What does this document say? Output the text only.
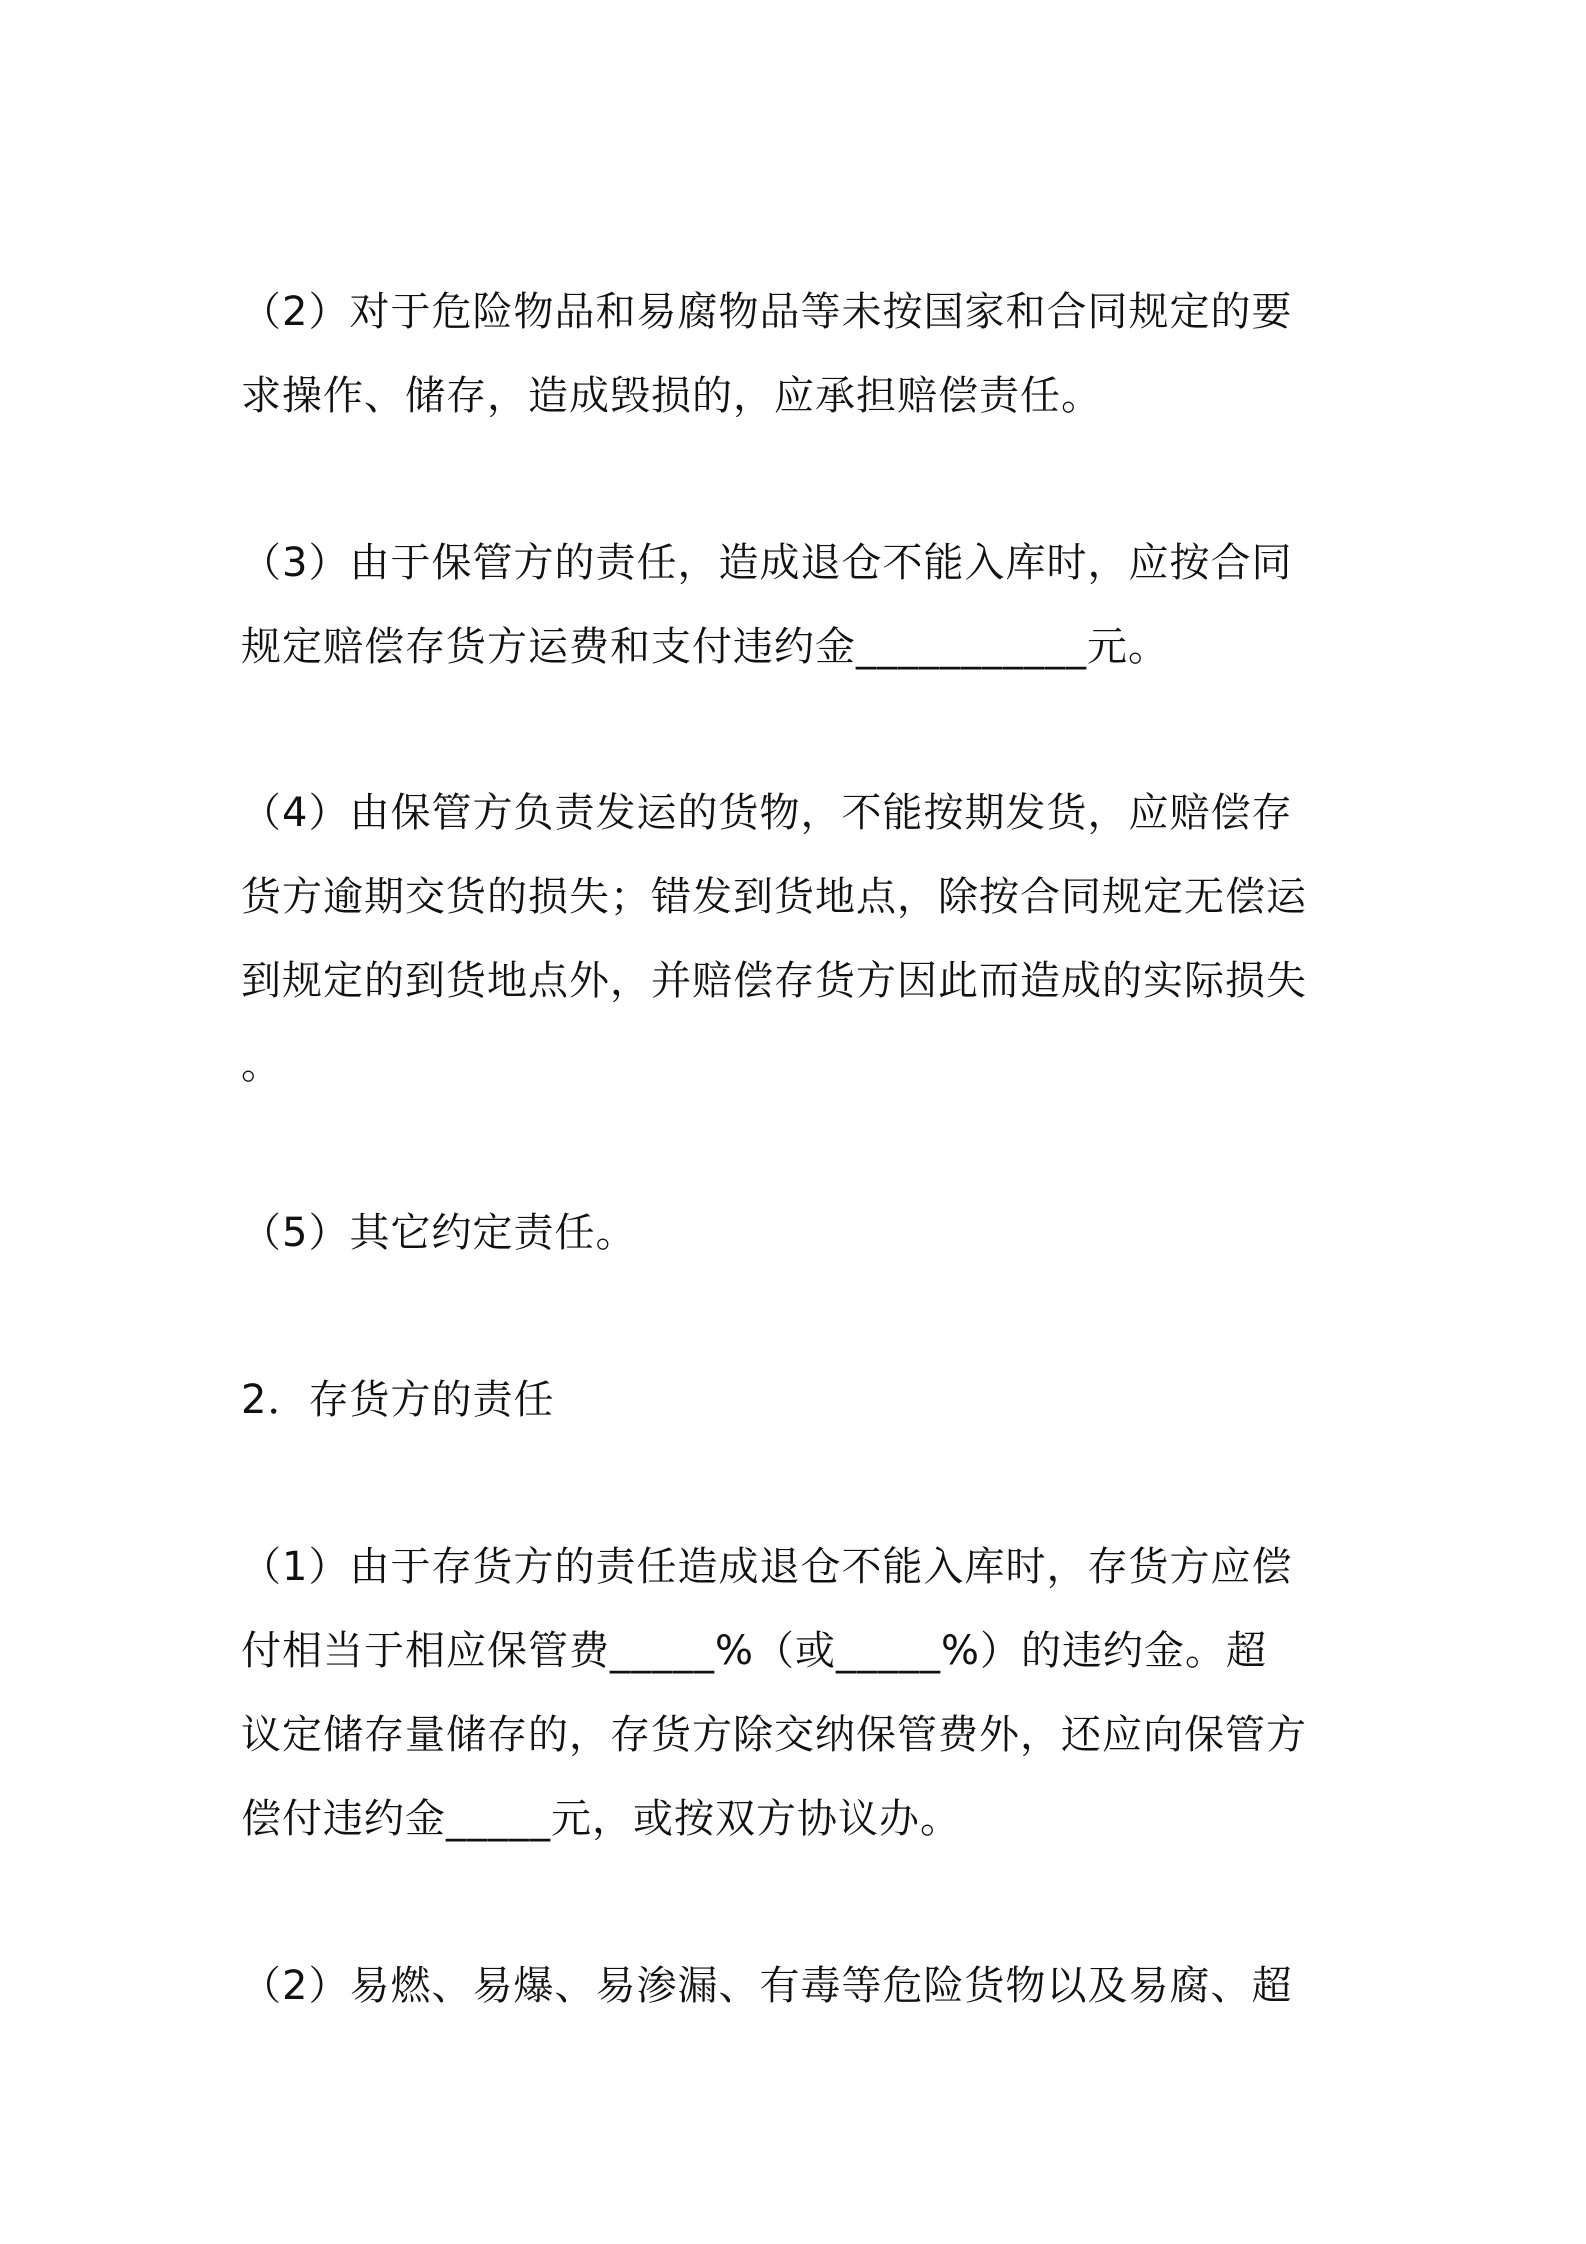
（2）对于危险物品和易腐物品等未按国家和合同规定的要
求操作、储存，造成毁损的，应承担赔偿责任。
（3）由于保管方的责任，造成退仓不能入库时，应按合同
规定赔偿存货方运费和支付违约金___________元。
（4）由保管方负责发运的货物，不能按期发货，应赔偿存
货方逾期交货的损失；错发到货地点，除按合同规定无偿运
到规定的到货地点外，并赔偿存货方因此而造成的实际损失
。
（5）其它约定责任。
2．存货方的责任
（1）由于存货方的责任造成退仓不能入库时，存货方应偿
付相当于相应保管费_____%（或_____%）的违约金。超
议定储存量储存的，存货方除交纳保管费外，还应向保管方
偿付违约金_____元，或按双方协议办。
（2）易燃、易爆、易渗漏、有毒等危险货物以及易腐、超
